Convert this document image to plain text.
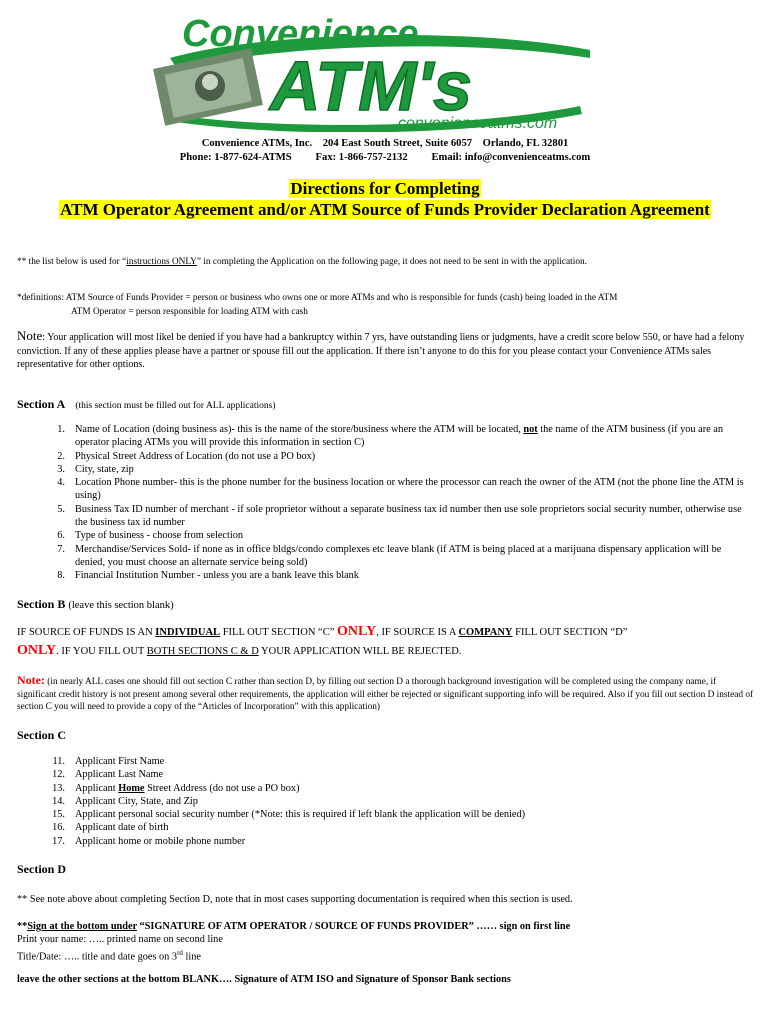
Convenience
ATM's
convenienceatms.com
Convenience ATMs, Inc. 204 East South Street, Suite 6057 Orlando, FL 32801
Phone: 1-877-624-ATMS Fax: 1-866-757-2132 Email: info@convenienceatms.com
Directions for Completing
ATM Operator Agreement and/or ATM Source of Funds Provider Declaration Agreement
** the list below is used for “instructions ONLY” in completing the Application on the following page, it does not need to be sent in with the application.
*definitions: ATM Source of Funds Provider = person or business who owns one or more ATMs and who is responsible for funds (cash) being loaded in the ATM
ATM Operator = person responsible for loading ATM with cash
Note: Your application will most likel be denied if you have had a bankruptcy within 7 yrs, have outstanding liens or judgments, have a credit score below 550, or have had a felony conviction. If any of these applies please have a partner or spouse fill out the application. If there isn’t anyone to do this for you please contact your Convenience ATMs sales representative for other options.
Section A (this section must be filled out for ALL applications)
1. Name of Location (doing business as)- this is the name of the store/business where the ATM will be located, not the name of the ATM business (if you are an operator placing ATMs you will provide this information in section C)
2. Physical Street Address of Location (do not use a PO box)
3. City, state, zip
4. Location Phone number- this is the phone number for the business location or where the processor can reach the owner of the ATM (not the phone line the ATM is using)
5. Business Tax ID number of merchant - if sole proprietor without a separate business tax id number then use sole proprietors social security number, otherwise use the business tax id number
6. Type of business - choose from selection
7. Merchandise/Services Sold- if none as in office bldgs/condo complexes etc leave blank (if ATM is being placed at a marijuana dispensary application will be denied, you must choose an alternate service being sold)
8. Financial Institution Number - unless you are a bank leave this blank
Section B (leave this section blank)
IF SOURCE OF FUNDS IS AN INDIVIDUAL FILL OUT SECTION “C” ONLY, IF SOURCE IS A COMPANY FILL OUT SECTION “D”
ONLY. IF YOU FILL OUT BOTH SECTIONS C & D YOUR APPLICATION WILL BE REJECTED.
Note: (in nearly ALL cases one should fill out section C rather than section D, by filling out section D a thorough background investigation will be completed using the company name, if significant credit history is not present among several other requirements, the application will either be rejected or significant supporting info will be required. Also if you fill out section D instead of section C you will need to provide a copy of the “Articles of Incorporation” with this application)
Section C
11. Applicant First Name
12. Applicant Last Name
13. Applicant Home Street Address (do not use a PO box)
14. Applicant City, State, and Zip
15. Applicant personal social security number (*Note: this is required if left blank the application will be denied)
16. Applicant date of birth
17. Applicant home or mobile phone number
Section D
** See note above about completing Section D, note that in most cases supporting documentation is required when this section is used.
**Sign at the bottom under “SIGNATURE OF ATM OPERATOR / SOURCE OF FUNDS PROVIDER” …… sign on first line
Print your name: ….. printed name on second line
Title/Date: ….. title and date goes on 3rd line
leave the other sections at the bottom BLANK…. Signature of ATM ISO and Signature of Sponsor Bank sections
